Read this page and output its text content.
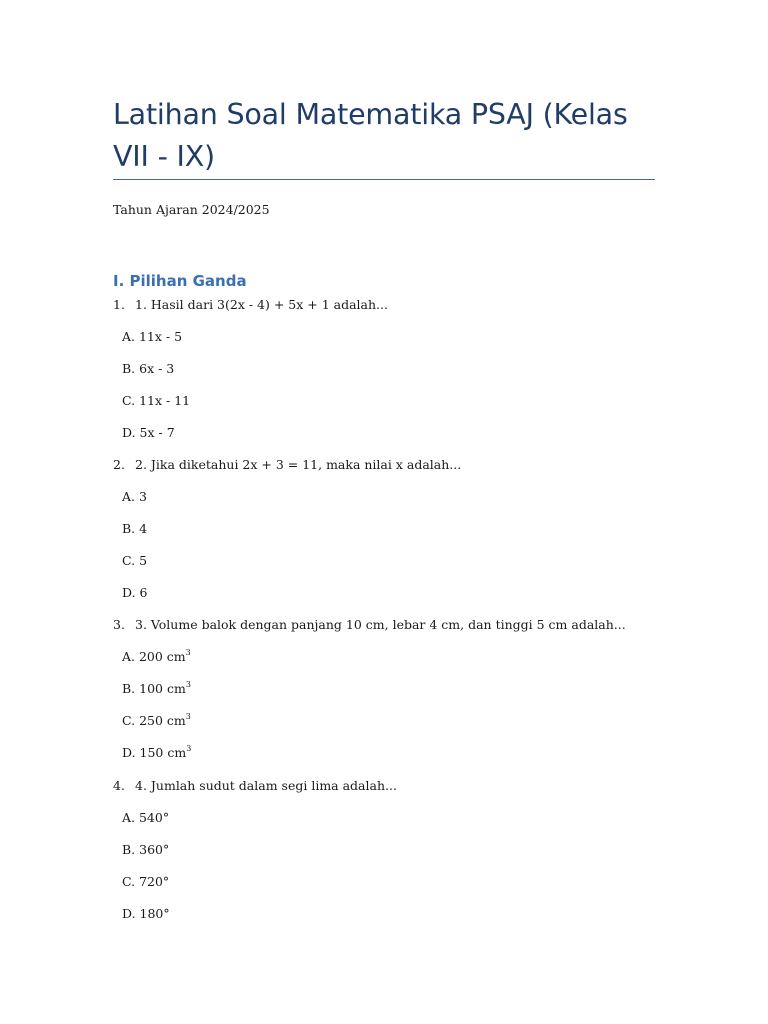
Latihan Soal Matematika PSAJ (Kelas VII - IX)

Tahun Ajaran 2024/2025

I. Pilihan Ganda
1. 1. Hasil dari 3(2x - 4) + 5x + 1 adalah...
A. 11x - 5
B. 6x - 3
C. 11x - 11
D. 5x - 7
2. 2. Jika diketahui 2x + 3 = 11, maka nilai x adalah...
A. 3
B. 4
C. 5
D. 6
3. 3. Volume balok dengan panjang 10 cm, lebar 4 cm, dan tinggi 5 cm adalah...
A. 200 $cm^3$
B. 100 $cm^3$
C. 250 $cm^3$
D. 150 $cm^3$
4. 4. Jumlah sudut dalam segi lima adalah...
A. 540°
B. 360°
C. 720°
D. 180°
